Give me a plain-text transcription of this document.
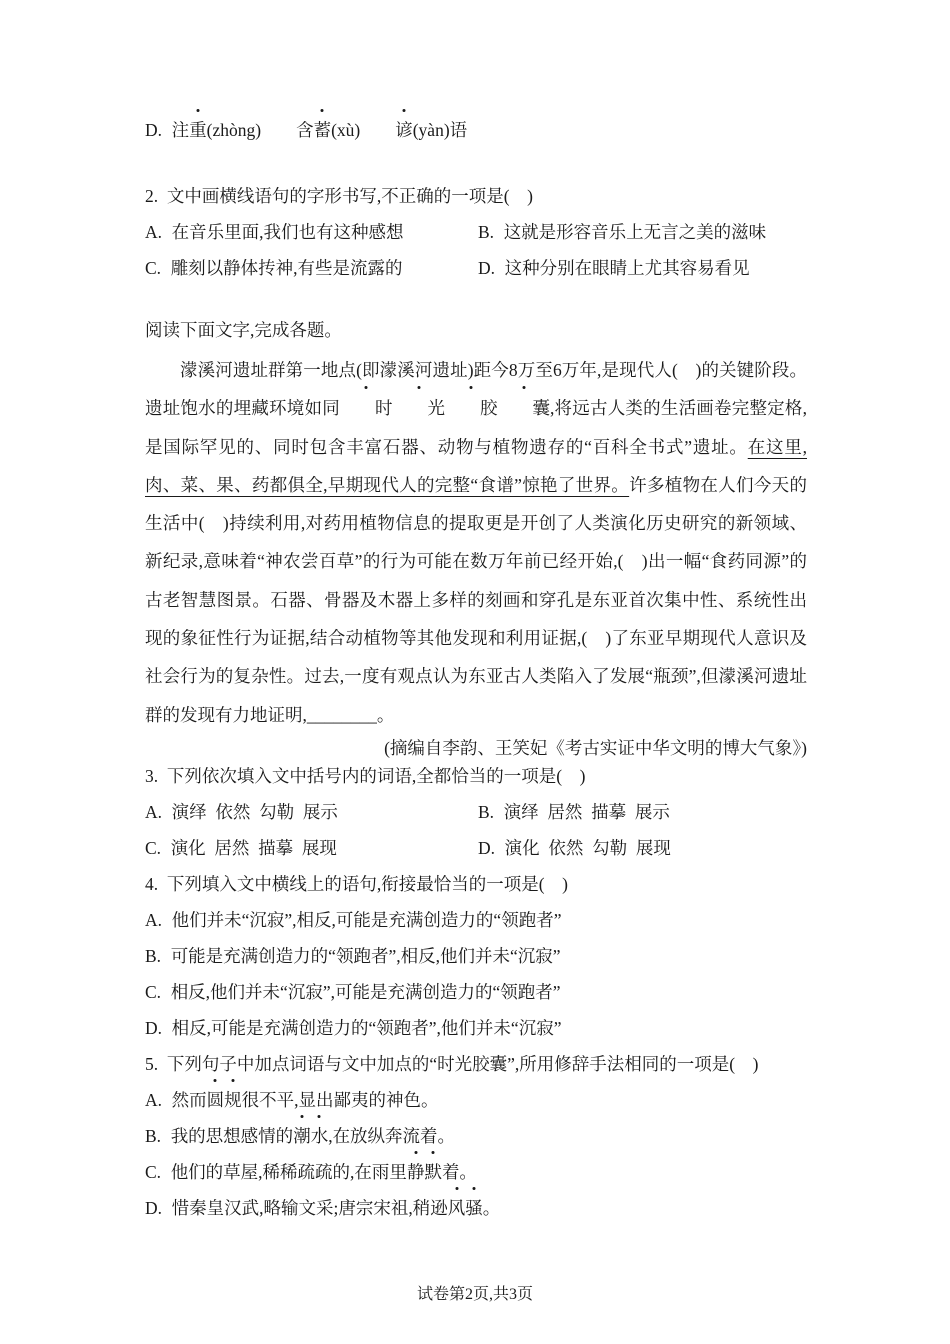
D. 注重(zhòng)　　含蓄(xù)　　谚(yàn)语

2. 文中画横线语句的字形书写,不正确的一项是(　)

A. 在音乐里面,我们也有这种感想	B. 这就是形容音乐上无言之美的滋味

C. 雕刻以静体抟神,有些是流露的	D. 这种分别在眼睛上尤其容易看见

阅读下面文字,完成各题。

濛溪河遗址群第一地点(即濛溪河遗址)距今8万至6万年,是现代人(　)的关键阶段。遗址饱水的埋藏环境如同 时 光 胶 囊,将远古人类的生活画卷完整定格,是国际罕见的、同时包含丰富石器、动物与植物遗存的“百科全书式”遗址。在这里,肉、菜、果、药都俱全,早期现代人的完整“食谱”惊艳了世界。许多植物在人们今天的生活中(　)持续利用,对药用植物信息的提取更是开创了人类演化历史研究的新领域、新纪录,意味着“神农尝百草”的行为可能在数万年前已经开始,(　)出一幅“食药同源”的古老智慧图景。石器、骨器及木器上多样的刻画和穿孔是东亚首次集中性、系统性出现的象征性行为证据,结合动植物等其他发现和利用证据,(　)了东亚早期现代人意识及社会行为的复杂性。过去,一度有观点认为东亚古人类陷入了发展“瓶颈”,但濛溪河遗址群的发现有力地证明,________。

(摘编自李韵、王笑妃《考古实证中华文明的博大气象》)

3. 下列依次填入文中括号内的词语,全都恰当的一项是(　)

A. 演绎 依然 勾勒 展示	B. 演绎 居然 描摹 展示

C. 演化 居然 描摹 展现	D. 演化 依然 勾勒 展现

4. 下列填入文中横线上的语句,衔接最恰当的一项是(　)

A. 他们并未“沉寂”,相反,可能是充满创造力的“领跑者”

B. 可能是充满创造力的“领跑者”,相反,他们并未“沉寂”

C. 相反,他们并未“沉寂”,可能是充满创造力的“领跑者”

D. 相反,可能是充满创造力的“领跑者”,他们并未“沉寂”

5. 下列句子中加点词语与文中加点的“时光胶囊”,所用修辞手法相同的一项是(　)

A. 然而圆规很不平,显出鄙夷的神色。

B. 我的思想感情的潮水,在放纵奔流着。

C. 他们的草屋,稀稀疏疏的,在雨里静默着。

D. 惜秦皇汉武,略输文采;唐宗宋祖,稍逊风骚。

试卷第2页,共3页
